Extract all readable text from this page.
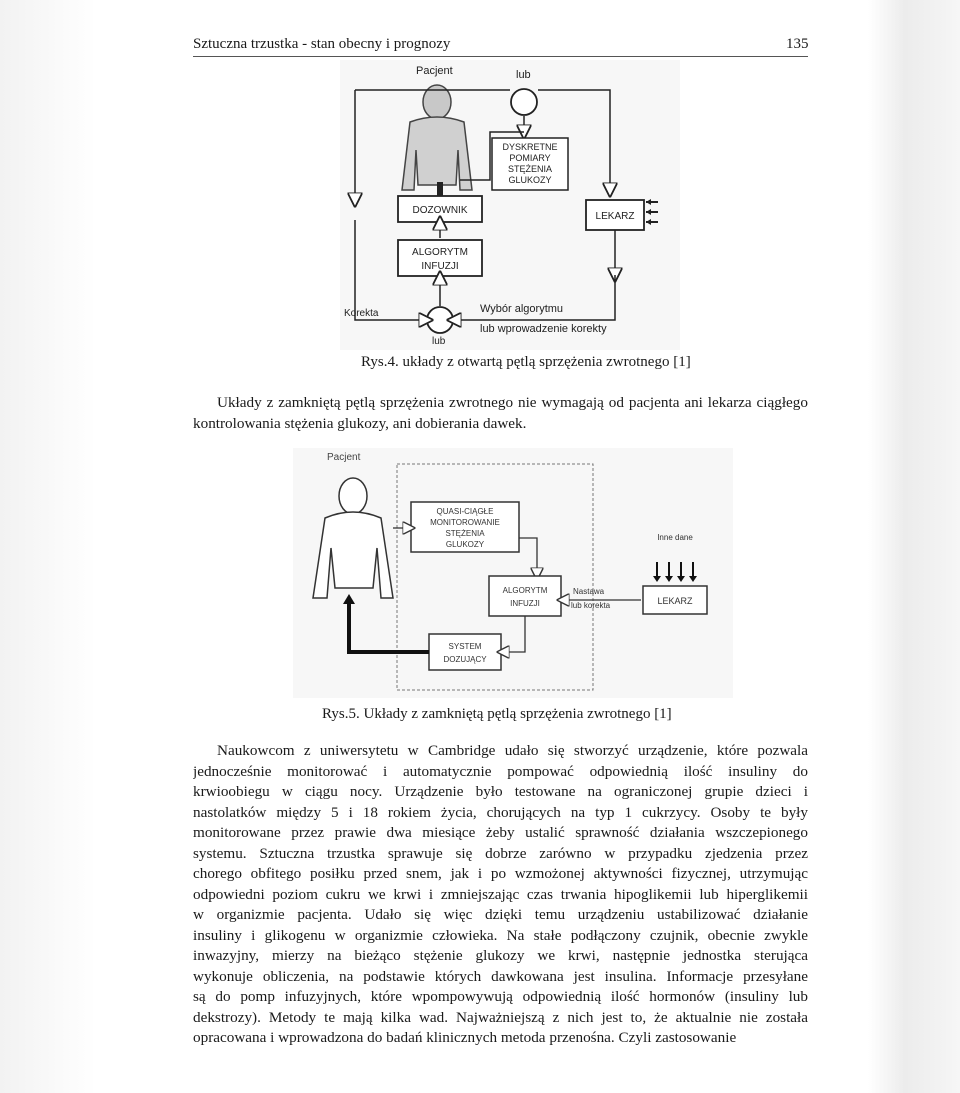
Sztuczna trzustka - stan obecny i prognozy	135
Pacjent	lub
DYSKRETNE
POMIARY
STĘŻENIA
GLUKOZY
DOZOWNIK
LEKARZ
ALGORYTM
INFUZJI
Korekta
lub
Wybór algorytmu
lub wprowadzenie korekty
Rys.4. układy z otwartą pętlą sprzężenia zwrotnego [1]

Układy z zamkniętą pętlą sprzężenia zwrotnego nie wymagają od pacjenta ani lekarza ciągłego kontrolowania stężenia glukozy, ani dobierania dawek.

Pacjent
QUASI-CIĄGŁE
MONITOROWANIE
STĘŻENIA
GLUKOZY
ALGORYTM
INFUZJI
Nastawa
lub korekta	LEKARZ
Inne dane
SYSTEM
DOZUJĄCY
Rys.5. Układy z zamkniętą pętlą sprzężenia zwrotnego [1]
Naukowcom z uniwersytetu w Cambridge udało się stworzyć urządzenie, które pozwala
jednocześnie monitorować i automatycznie pompować odpowiednią ilość insuliny do
krwioobiegu w ciągu nocy. Urządzenie było testowane na ograniczonej grupie dzieci i
nastolatków między 5 i 18 rokiem życia, chorujących na typ 1 cukrzycy. Osoby te były
monitorowane przez prawie dwa miesiące żeby ustalić sprawność działania wszczepionego
systemu. Sztuczna trzustka sprawuje się dobrze zarówno w przypadku zjedzenia przez
chorego obfitego posiłku przed snem, jak i po wzmożonej aktywności fizycznej, utrzymując
odpowiedni poziom cukru we krwi i zmniejszając czas trwania hipoglikemii lub hiperglikemii
w organizmie pacjenta. Udało się więc dzięki temu urządzeniu ustabilizować działanie
insuliny i glikogenu w organizmie człowieka. Na stałe podłączony czujnik, obecnie zwykle
inwazyjny, mierzy na bieżąco stężenie glukozy we krwi, następnie jednostka sterująca
wykonuje obliczenia, na podstawie których dawkowana jest insulina. Informacje przesyłane
są do pomp infuzyjnych, które wpompowywują odpowiednią ilość hormonów (insuliny lub
dekstrozy). Metody te mają kilka wad. Najważniejszą z nich jest to, że aktualnie nie została
opracowana i wprowadzona do badań klinicznych metoda przenośna. Czyli zastosowanie
